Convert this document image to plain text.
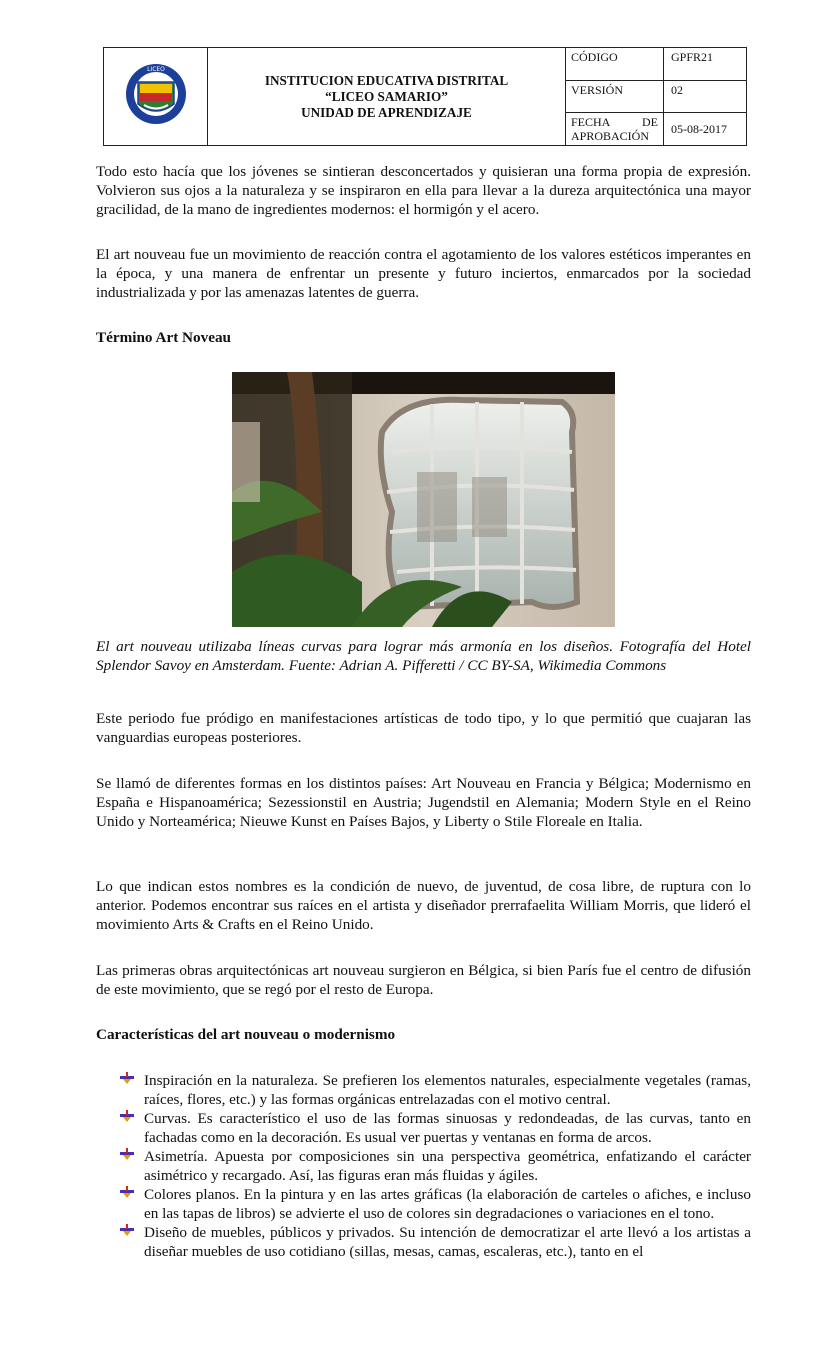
LICEO	INSTITUCION EDUCATIVA DISTRITAL
“LICEO SAMARIO”
UNIDAD DE APRENDIZAJE	CÓDIGO	GPFR21
		VERSIÓN	02

		FECHA DE
APROBACIÓN	05-08-2017

Todo esto hacía que los jóvenes se sintieran desconcertados y quisieran una forma propia de expresión. Volvieron sus ojos a la naturaleza y se inspiraron en ella para llevar a la dureza arquitectónica una mayor gracilidad, de la mano de ingredientes modernos: el hormigón y el acero.

El art nouveau fue un movimiento de reacción contra el agotamiento de los valores estéticos imperantes en la época, y una manera de enfrentar un presente y futuro inciertos, enmarcados por la sociedad industrializada y por las amenazas latentes de guerra.

Término Art Noveau

El art nouveau utilizaba líneas curvas para lograr más armonía en los diseños. Fotografía del Hotel Splendor Savoy en Amsterdam. Fuente: Adrian A. Pifferetti / CC BY-SA, Wikimedia Commons

Este periodo fue pródigo en manifestaciones artísticas de todo tipo, y lo que permitió que cuajaran las vanguardias europeas posteriores.

Se llamó de diferentes formas en los distintos países: Art Nouveau en Francia y Bélgica; Modernismo en España e Hispanoamérica; Sezessionstil en Austria; Jugendstil en Alemania; Modern Style en el Reino Unido y Norteamérica; Nieuwe Kunst en Países Bajos, y Liberty o Stile Floreale en Italia.

Lo que indican estos nombres es la condición de nuevo, de juventud, de cosa libre, de ruptura con lo anterior. Podemos encontrar sus raíces en el artista y diseñador prerrafaelita William Morris, que lideró el movimiento Arts & Crafts en el Reino Unido.

Las primeras obras arquitectónicas art nouveau surgieron en Bélgica, si bien París fue el centro de difusión de este movimiento, que se regó por el resto de Europa.

Características del art nouveau o modernismo
Inspiración en la naturaleza. Se prefieren los elementos naturales, especialmente vegetales (ramas, raíces, flores, etc.) y las formas orgánicas entrelazadas con el motivo central.
Curvas. Es característico el uso de las formas sinuosas y redondeadas, de las curvas, tanto en fachadas como en la decoración. Es usual ver puertas y ventanas en forma de arcos.
Asimetría. Apuesta por composiciones sin una perspectiva geométrica, enfatizando el carácter asimétrico y recargado. Así, las figuras eran más fluidas y ágiles.
Colores planos. En la pintura y en las artes gráficas (la elaboración de carteles o afiches, e incluso en las tapas de libros) se advierte el uso de colores sin degradaciones o variaciones en el tono.
Diseño de muebles, públicos y privados. Su intención de democratizar el arte llevó a los artistas a diseñar muebles de uso cotidiano (sillas, mesas, camas, escaleras, etc.), tanto en el
